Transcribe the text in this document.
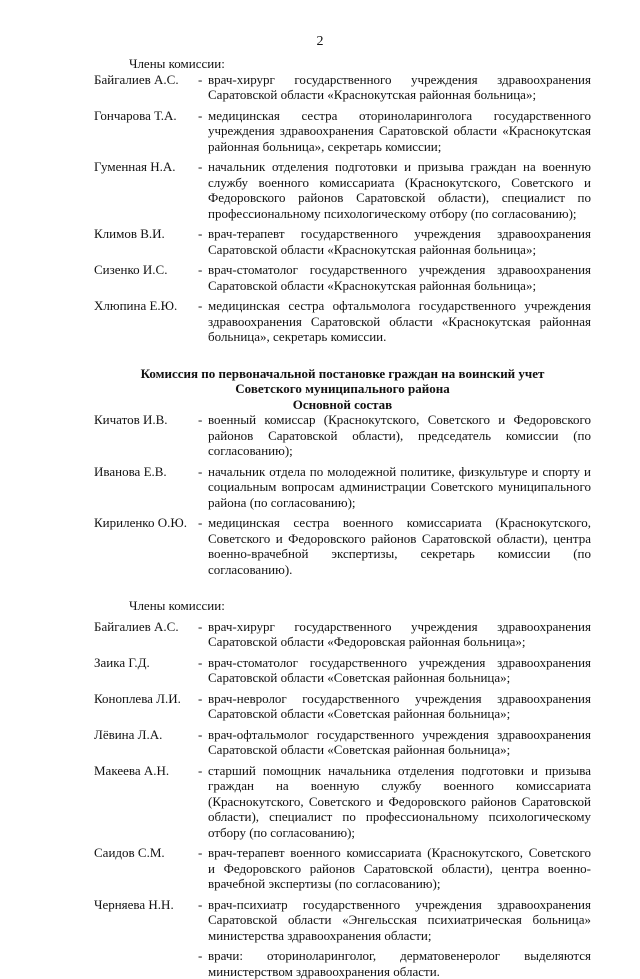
2

Члены комиссии:

Байгалиев А.С.	- врач-хирург государственного учреждения здравоохранения Саратовской области «Краснокутская районная больница»;
Гончарова Т.А.	- медицинская сестра оториноларинголога государственного учреждения здравоохранения Саратовской области «Краснокутская районная больница», секретарь комиссии;
Гуменная Н.А.	- начальник отделения подготовки и призыва граждан на военную службу военного комиссариата (Краснокутского, Советского и Федоровского районов Саратовской области), специалист по профессиональному психологическому отбору (по согласованию);
Климов В.И.	- врач-терапевт государственного учреждения здравоохранения Саратовской области «Краснокутская районная больница»;
Сизенко И.С.	- врач-стоматолог государственного учреждения здравоохранения Саратовской области «Краснокутская районная больница»;
Хлюпина Е.Ю.	- медицинская сестра офтальмолога государственного учреждения здравоохранения Саратовской области «Краснокутская районная больница», секретарь комиссии.

Комиссия по первоначальной постановке граждан на воинский учет

Советского муниципального района

Основной состав

Кичатов И.В.	- военный комиссар (Краснокутского, Советского и Федоровского районов Саратовской области), председатель комиссии (по согласованию);
Иванова Е.В.	- начальник отдела по молодежной политике, физкультуре и спорту и социальным вопросам администрации Советского муниципального района (по согласованию);
Кириленко О.Ю. - медицинская сестра военного комиссариата (Краснокутского, Советского и Федоровского районов Саратовской области), центра военно-врачебной экспертизы, секретарь комиссии (по согласованию).

Члены комиссии:

Байгалиев А.С.	- врач-хирург государственного учреждения здравоохранения Саратовской области «Федоровская районная больница»;
Заика Г.Д.	- врач-стоматолог государственного учреждения здравоохранения Саратовской области «Советская районная больница»;
Коноплева Л.И.	- врач-невролог государственного учреждения здравоохранения Саратовской области «Советская районная больница»;
Лёвина Л.А.	- врач-офтальмолог государственного учреждения здравоохранения Саратовской области «Советская районная больница»;
Макеева А.Н.	- старший помощник начальника отделения подготовки и призыва граждан на военную службу военного комиссариата (Краснокутского, Советского и Федоровского районов Саратовской области), специалист по профессиональному психологическому отбору (по согласованию);
Саидов С.М.	- врач-терапевт военного комиссариата (Краснокутского, Советского и Федоровского районов Саратовской области), центра военно-врачебной экспертизы (по согласованию);
Черняева Н.Н.	- врач-психиатр государственного учреждения здравоохранения Саратовской области «Энгельсская психиатрическая больница» министерства здравоохранения области;
- врачи: оториноларинголог, дерматовенеролог выделяются министерством здравоохранения области.
